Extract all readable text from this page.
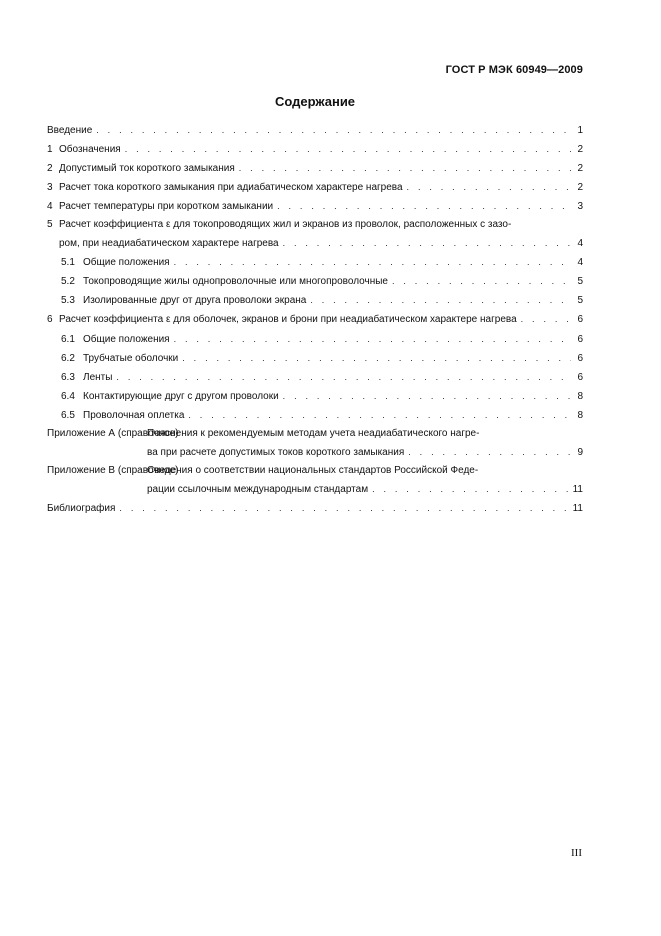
ГОСТ Р МЭК 60949—2009
Содержание
Введение . . .	1
1 Обозначения . . .	2
2 Допустимый ток короткого замыкания . . .	2
3 Расчет тока короткого замыкания при адиабатическом характере нагрева . . .	2
4 Расчет температуры при коротком замыкании . . .	3
5 Расчет коэффициента ε для токопроводящих жил и экранов из проволок, расположенных с зазо-
ром, при неадиабатическом характере нагрева . . .	4
5.1 Общие положения . . .	4
5.2 Токопроводящие жилы однопроволочные или многопроволочные . . .	5
5.3 Изолированные друг от друга проволоки экрана . . .	5
6 Расчет коэффициента ε для оболочек, экранов и брони при неадиабатическом характере нагрева . . .	6
6.1 Общие положения . . .	6
6.2 Трубчатые оболочки . . .	6
6.3 Ленты . . .	6
6.4 Контактирующие друг с другом проволоки . . .	8
6.5 Проволочная оплетка . . .	8
Приложение А (справочное)
Пояснения к рекомендуемым методам учета неадиабатического нагре-
ва при расчете допустимых токов короткого замыкания . . .	9
Приложение В (справочное)
Сведения о соответствии национальных стандартов Российской Феде-
рации ссылочным международным стандартам . . .	11
Библиография . . .	11
III
